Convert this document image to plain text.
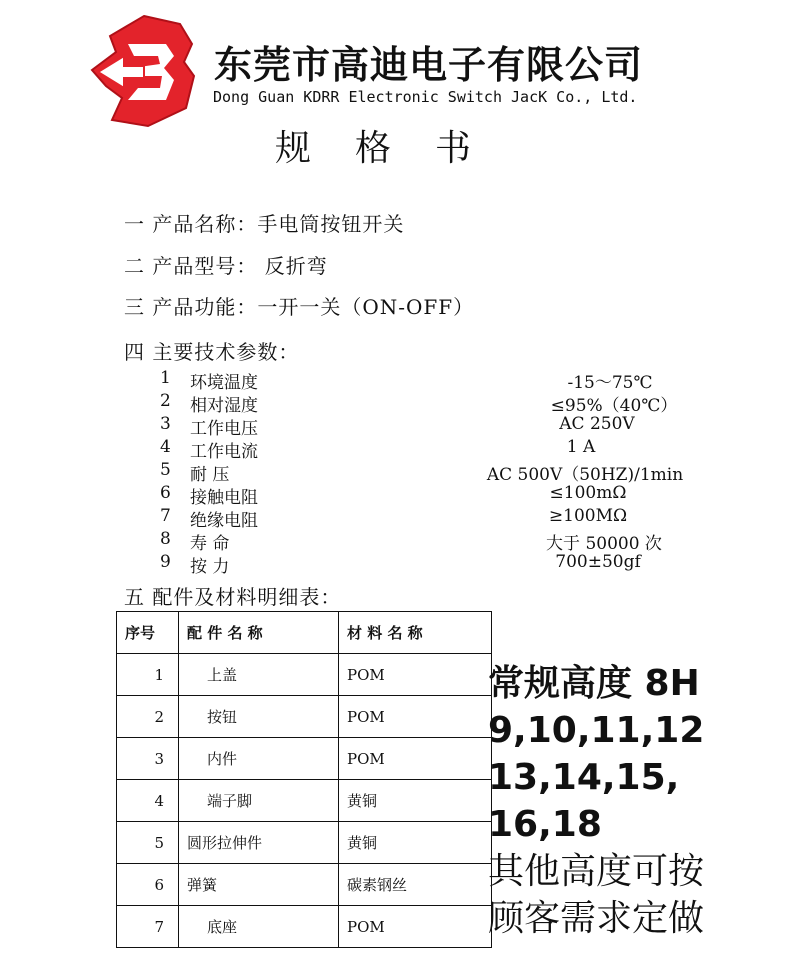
东莞市高迪电子有限公司
Dong Guan KDRR Electronic Switch JacK Co., Ltd.
规格书
一 产品名称：手电筒按钮开关
二 产品型号： 反折弯
三 产品功能：一开一关（ON-OFF）
四 主要技术参数：
1	环境温度	-15～75℃
2	相对湿度	≤95%（40℃）
3	工作电压	AC 250V
4	工作电流	1 A
5	耐 压	AC 500V（50HZ)/1min
6	接触电阻	≤100mΩ
7	绝缘电阻	≥100MΩ
8	寿 命	大于 50000 次
9	按 力	700±50gf
五 配件及材料明细表：
序号	配 件 名 称	材 料 名 称
1	上盖	POM
2	按钮	POM
3	内件	POM
4	端子脚	黄铜
5	圆形拉伸件	黄铜
6	弹簧	碳素钢丝
7	底座	POM
常规高度 8H
9,10,11,12
13,14,15,
16,18
其他高度可按
顾客需求定做
